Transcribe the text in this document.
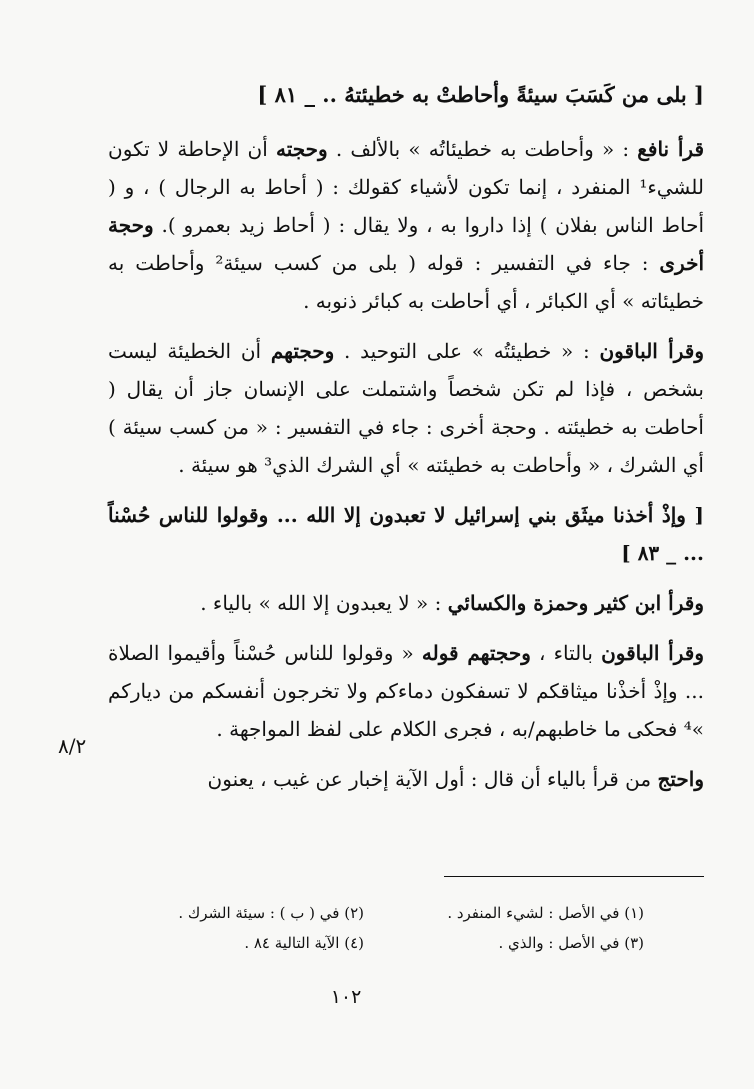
[ بلى من كَسَبَ سيئةً وأحاطتْ به خطيئتهُ .. _ ٨١ ]

قرأ نافع : « وأحاطت به خطيئاتُه » بالألف . وحجته أن الإحاطة لا تكون للشيء¹ المنفرد ، إنما تكون لأشياء كقولك : ( أحاط به الرجال ) ، و ( أحاط الناس بفلان ) إذا داروا به ، ولا يقال : ( أحاط زيد بعمرو ). وحجة أخرى : جاء في التفسير : قوله ( بلى من كسب سيئة² وأحاطت به خطيئاته » أي الكبائر ، أي أحاطت به كبائر ذنوبه .

وقرأ الباقون : « خطيئتُه » على التوحيد . وحجتهم أن الخطيئة ليست بشخص ، فإذا لم تكن شخصاً واشتملت على الإنسان جاز أن يقال ( أحاطت به خطيئته . وحجة أخرى : جاء في التفسير : « من كسب سيئة ) أي الشرك ، « وأحاطت به خطيئته » أي الشرك الذي³ هو سيئة .

[ وإذْ أخذنا ميثَق بني إسرائيل لا تعبدون إلا الله ... وقولوا للناس حُسْناً ... _ ٨٣ ]

وقرأ ابن كثير وحمزة والكسائي : « لا يعبدون إلا الله » بالياء .

وقرأ الباقون بالتاء ، وحجتهم قوله « وقولوا للناس حُسْناً وأقيموا الصلاة ... وإذْ أخذْنا ميثاقكم لا تسفكون دماءكم ولا تخرجون أنفسكم من دياركم »⁴ فحكى ما خاطبهم/به ، فجرى الكلام على لفظ المواجهة .

واحتج من قرأ بالياء أن قال : أول الآية إخبار عن غيب ، يعنون

٨/٢
(١) في الأصل : لشيء المنفرد .
(٢) في ( ب ) : سيئة الشرك .
(٣) في الأصل : والذي .
(٤) الآية التالية ٨٤ .
١٠٢
